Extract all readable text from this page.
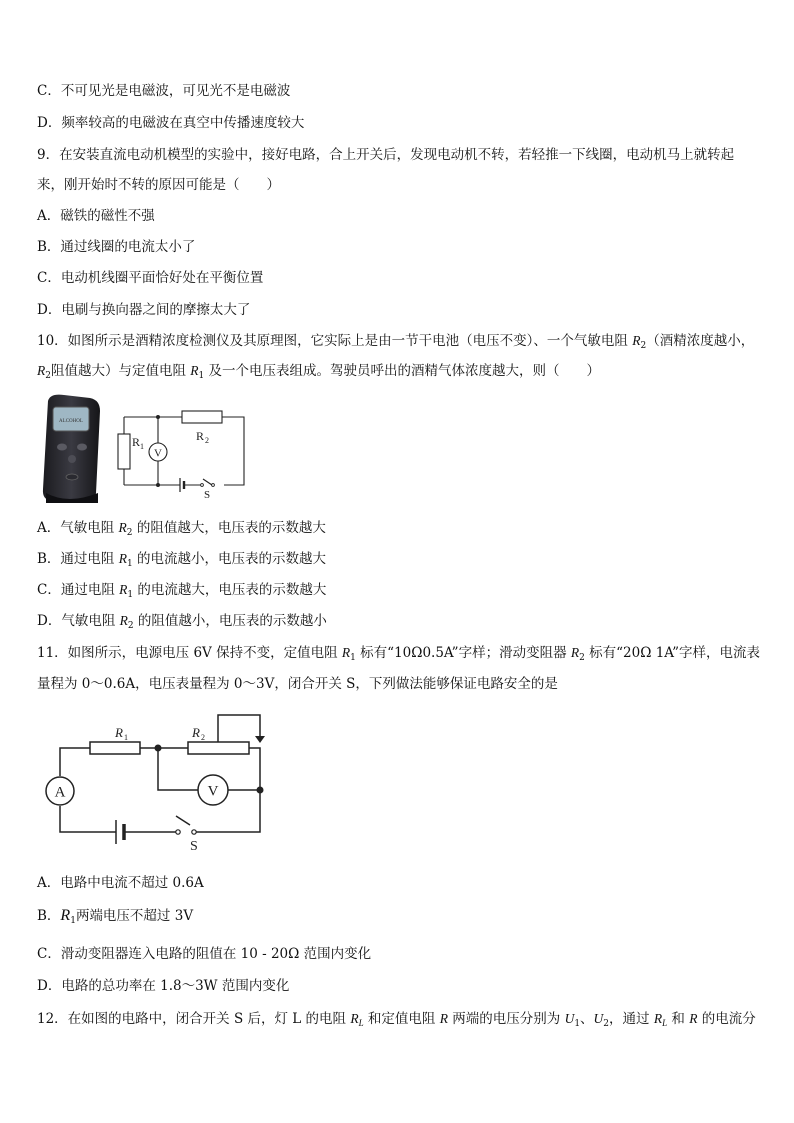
C．不可见光是电磁波，可见光不是电磁波
D．频率较高的电磁波在真空中传播速度较大
9．在安装直流电动机模型的实验中，接好电路，合上开关后，发现电动机不转，若轻推一下线圈，电动机马上就转起
来，刚开始时不转的原因可能是（　　）
A．磁铁的磁性不强
B．通过线圈的电流太小了
C．电动机线圈平面恰好处在平衡位置
D．电刷与换向器之间的摩擦太大了
10．如图所示是酒精浓度检测仪及其原理图，它实际上是由一节干电池（电压不变）、一个气敏电阻 $R_2$（酒精浓度越小，
$R_2$阻值越大）与定值电阻 $R_1$ 及一个电压表组成。驾驶员呼出的酒精气体浓度越大，则（　　）
ALCOHOL
V
R 1
R 2
S
A．气敏电阻 $R_2$ 的阻值越大，电压表的示数越大
B．通过电阻 $R_1$ 的电流越小，电压表的示数越大
C．通过电阻 $R_1$ 的电流越大，电压表的示数越大
D．气敏电阻 $R_2$ 的阻值越小，电压表的示数越小
11．如图所示，电源电压 6V 保持不变，定值电阻 $R_1$ 标有“10Ω0.5A”字样；滑动变阻器 $R_2$ 标有“20Ω 1A”字样，电流表
量程为 0～0.6A，电压表量程为 0～3V，闭合开关 S，下列做法能够保证电路安全的是
A	V
R 1	R 2
S
A．电路中电流不超过 0.6A
B．$R_1$两端电压不超过 3V
C．滑动变阻器连入电路的阻值在 10 - 20Ω 范围内变化
D．电路的总功率在 1.8～3W 范围内变化
12．在如图的电路中，闭合开关 S 后，灯 L 的电阻 $R_L$ 和定值电阻 R 两端的电压分别为 $U_1$、$U_2$，通过 $R_L$ 和 R 的电流分
